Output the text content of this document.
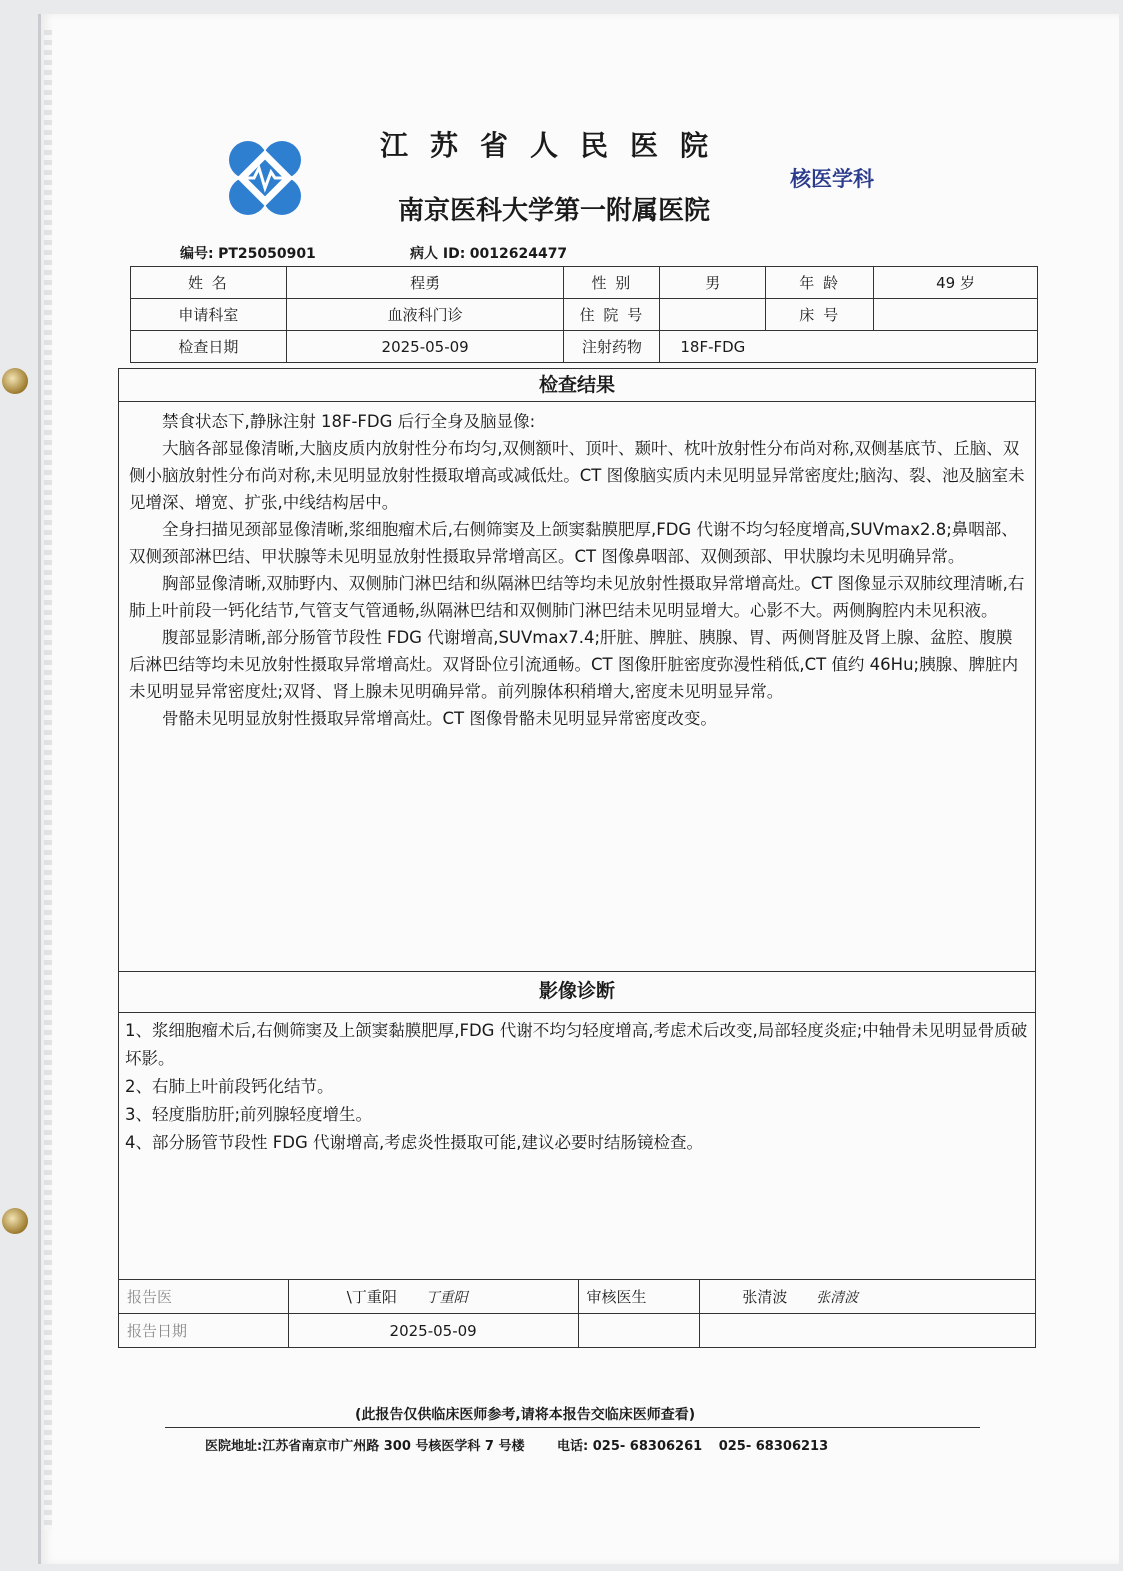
江苏省人民医院
南京医科大学第一附属医院
核医学科
编号: PT25050901	病人 ID: 0012624477
姓 名	程勇	性 别	男	年 龄	49 岁
申请科室	血液科门诊	住 院 号		床 号	
检查日期	2025-05-09	注射药物	18F-FDG		
检查结果

禁食状态下,静脉注射 18F-FDG 后行全身及脑显像:

大脑各部显像清晰,大脑皮质内放射性分布均匀,双侧额叶、顶叶、颞叶、枕叶放射性分布尚对称,双侧基底节、丘脑、双侧小脑放射性分布尚对称,未见明显放射性摄取增高或减低灶。CT 图像脑实质内未见明显异常密度灶;脑沟、裂、池及脑室未见增深、增宽、扩张,中线结构居中。

全身扫描见颈部显像清晰,浆细胞瘤术后,右侧筛窦及上颌窦黏膜肥厚,FDG 代谢不均匀轻度增高,SUVmax2.8;鼻咽部、双侧颈部淋巴结、甲状腺等未见明显放射性摄取异常增高区。CT 图像鼻咽部、双侧颈部、甲状腺均未见明确异常。

胸部显像清晰,双肺野内、双侧肺门淋巴结和纵隔淋巴结等均未见放射性摄取异常增高灶。CT 图像显示双肺纹理清晰,右肺上叶前段一钙化结节,气管支气管通畅,纵隔淋巴结和双侧肺门淋巴结未见明显增大。心影不大。两侧胸腔内未见积液。

腹部显影清晰,部分肠管节段性 FDG 代谢增高,SUVmax7.4;肝脏、脾脏、胰腺、胃、两侧肾脏及肾上腺、盆腔、腹膜后淋巴结等均未见放射性摄取异常增高灶。双肾卧位引流通畅。CT 图像肝脏密度弥漫性稍低,CT 值约 46Hu;胰腺、脾脏内未见明显异常密度灶;双肾、肾上腺未见明确异常。前列腺体积稍增大,密度未见明显异常。

骨骼未见明显放射性摄取异常增高灶。CT 图像骨骼未见明显异常密度改变。

影像诊断

1、浆细胞瘤术后,右侧筛窦及上颌窦黏膜肥厚,FDG 代谢不均匀轻度增高,考虑术后改变,局部轻度炎症;中轴骨未见明显骨质破坏影。

2、右肺上叶前段钙化结节。

3、轻度脂肪肝;前列腺轻度增生。

4、部分肠管节段性 FDG 代谢增高,考虑炎性摄取可能,建议必要时结肠镜检查。

报告医	\丁重阳 丁重阳	审核医生	张清波 张清波
报告日期	2025-05-09		
(此报告仅供临床医师参考,请将本报告交临床医师查看)
医院地址:江苏省南京市广州路 300 号核医学科 7 号楼	电话: 025- 68306261 025- 68306213
